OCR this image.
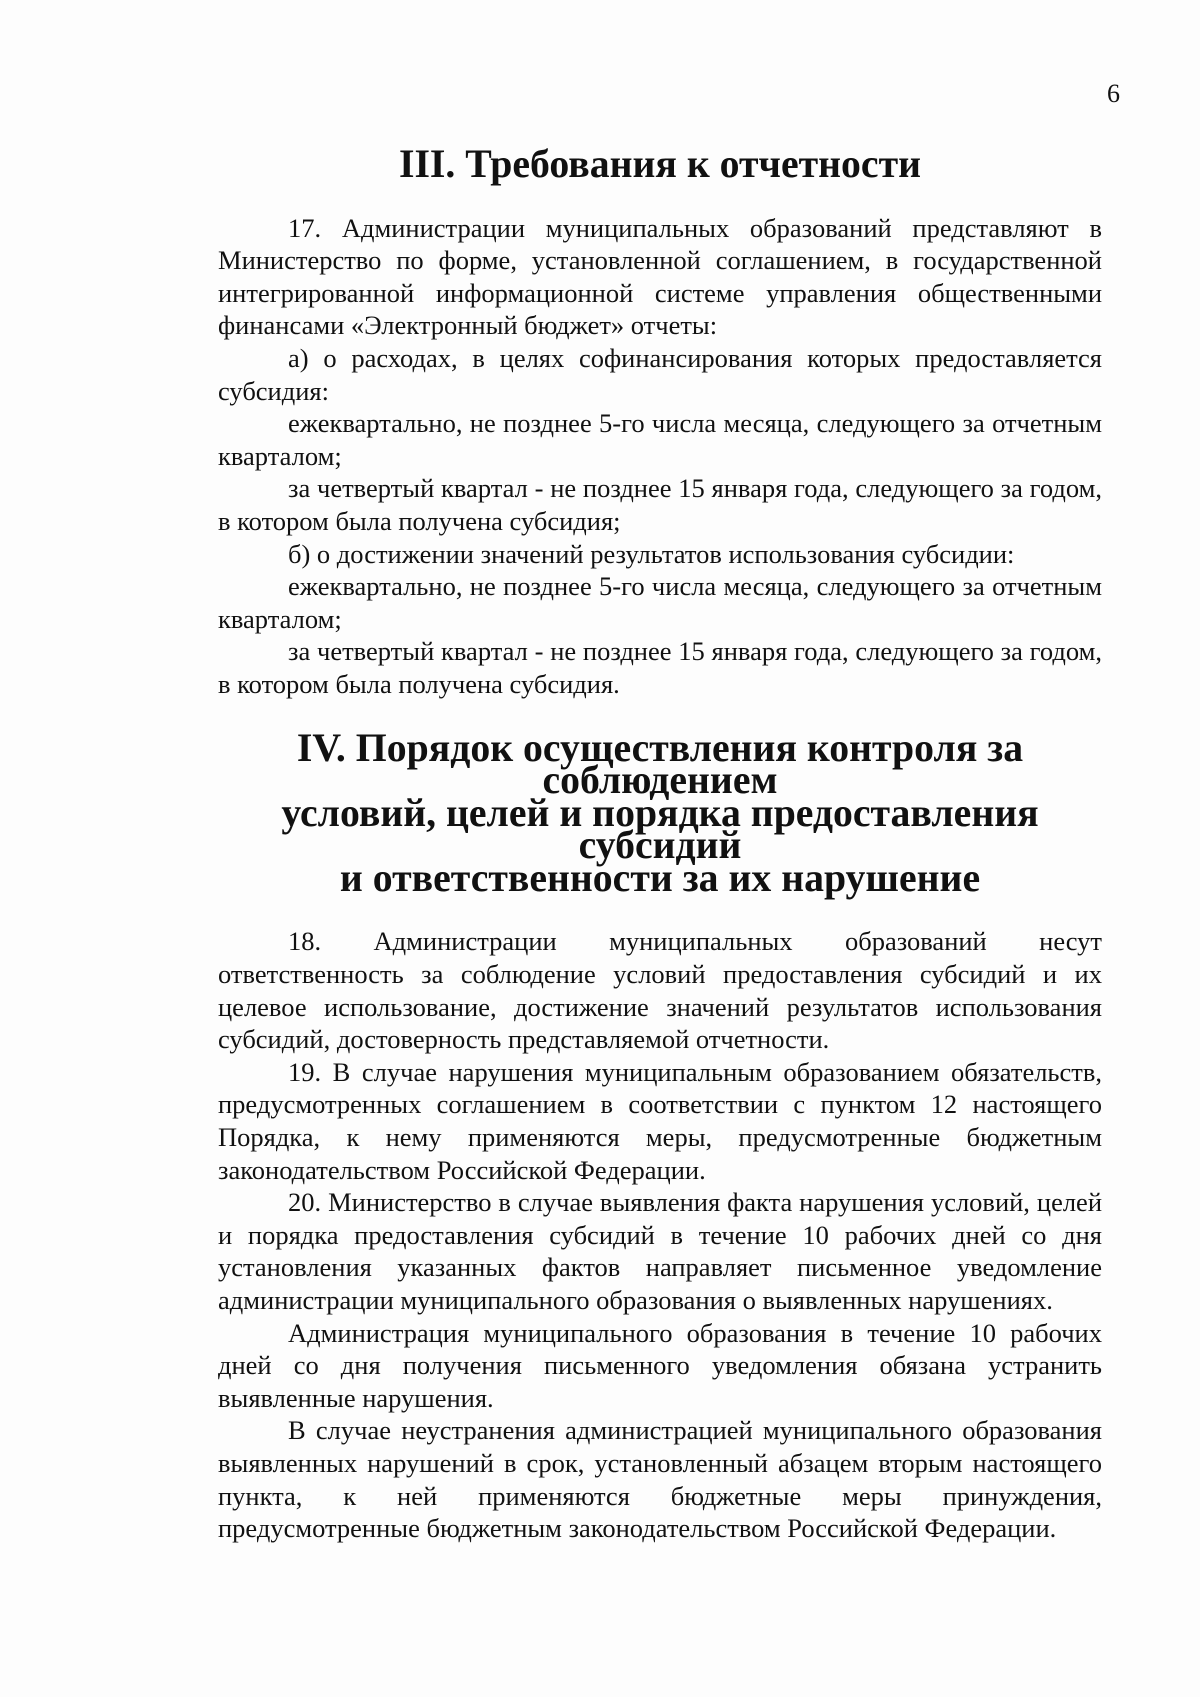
6
III. Требования к отчетности

17. Администрации муниципальных образований представляют в Министерство по форме, установленной соглашением, в государственной интегрированной информационной системе управления общественными финансами «Электронный бюджет» отчеты:

а) о расходах, в целях софинансирования которых предоставляется субсидия:

ежеквартально, не позднее 5-го числа месяца, следующего за отчетным кварталом;

за четвертый квартал - не позднее 15 января года, следующего за годом, в котором была получена субсидия;

б) о достижении значений результатов использования субсидии:

ежеквартально, не позднее 5-го числа месяца, следующего за отчетным кварталом;

за четвертый квартал - не позднее 15 января года, следующего за годом, в котором была получена субсидия.

IV. Порядок осуществления контроля за соблюдением
условий, целей и порядка предоставления субсидий
и ответственности за их нарушение

18. Администрации муниципальных образований несут ответственность за соблюдение условий предоставления субсидий и их целевое использование, достижение значений результатов использования субсидий, достоверность представляемой отчетности.

19. В случае нарушения муниципальным образованием обязательств, предусмотренных соглашением в соответствии с пунктом 12 настоящего Порядка, к нему применяются меры, предусмотренные бюджетным законодательством Российской Федерации.

20. Министерство в случае выявления факта нарушения условий, целей и порядка предоставления субсидий в течение 10 рабочих дней со дня установления указанных фактов направляет письменное уведомление администрации муниципального образования о выявленных нарушениях.

Администрация муниципального образования в течение 10 рабочих дней со дня получения письменного уведомления обязана устранить выявленные нарушения.

В случае неустранения администрацией муниципального образования выявленных нарушений в срок, установленный абзацем вторым настоящего пункта, к ней применяются бюджетные меры принуждения, предусмотренные бюджетным законодательством Российской Федерации.
